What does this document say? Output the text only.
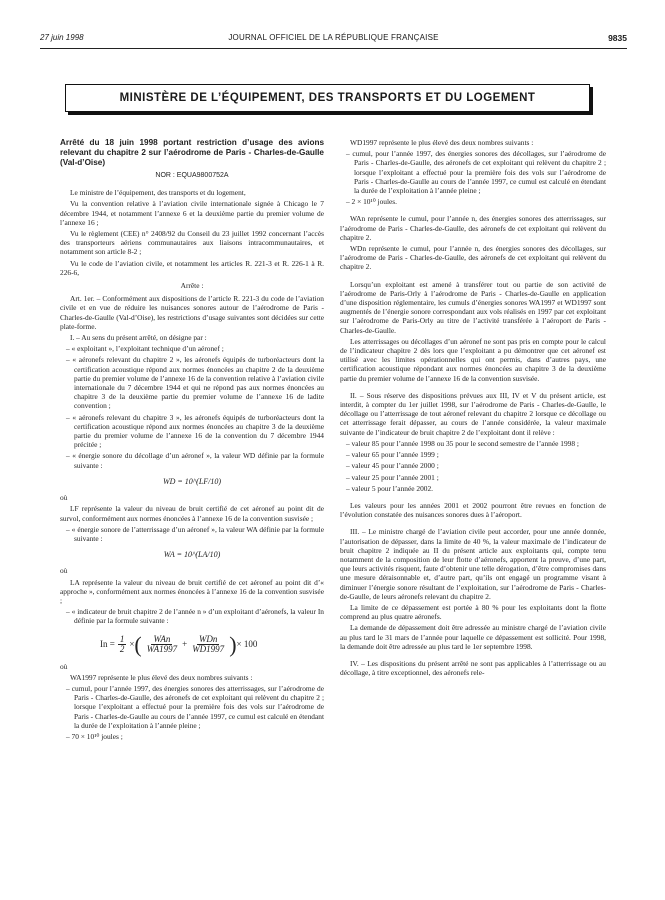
27 juin 1998	JOURNAL OFFICIEL DE LA RÉPUBLIQUE FRANÇAISE	9835
MINISTÈRE DE L’ÉQUIPEMENT, DES TRANSPORTS ET DU LOGEMENT

Arrêté du 18 juin 1998 portant restriction d’usage des avions relevant du chapitre 2 sur l’aérodrome de Paris - Charles-de-Gaulle (Val-d’Oise)

NOR : EQUA9800752A

Le ministre de l’équipement, des transports et du logement,

Vu la convention relative à l’aviation civile internationale signée à Chicago le 7 décembre 1944, et notamment l’annexe 6 et la deuxième partie du premier volume de l’annexe 16 ;

Vu le règlement (CEE) n° 2408/92 du Conseil du 23 juillet 1992 concernant l’accès des transporteurs aériens communautaires aux liaisons intracommunautaires, et notamment son article 8-2 ;

Vu le code de l’aviation civile, et notamment les articles R. 221-3 et R. 226-1 à R. 226-6,

Arrête :

Art. 1er. – Conformément aux dispositions de l’article R. 221-3 du code de l’aviation civile et en vue de réduire les nuisances sonores autour de l’aérodrome de Paris - Charles-de-Gaulle (Val-d’Oise), les restrictions d’usage suivantes sont décidées sur cette plate-forme.

I. – Au sens du présent arrêté, on désigne par :

– « exploitant », l’exploitant technique d’un aéronef ;

– « aéronefs relevant du chapitre 2 », les aéronefs équipés de turboréacteurs dont la certification acoustique répond aux normes énoncées au chapitre 2 de la deuxième partie du premier volume de l’annexe 16 de la convention relative à l’aviation civile internationale du 7 décembre 1944 et qui ne répond pas aux normes énoncées au chapitre 3 de la deuxième partie du premier volume de l’annexe 16 de ladite convention ;

– « aéronefs relevant du chapitre 3 », les aéronefs équipés de turboréacteurs dont la certification acoustique répond aux normes énoncées au chapitre 3 de la deuxième partie du premier volume de l’annexe 16 de la convention du 7 décembre 1944 précitée ;

– « énergie sonore du décollage d’un aéronef », la valeur WD définie par la formule suivante :

WD = 10^(LF/10)

où

LF représente la valeur du niveau de bruit certifié de cet aéronef au point dit de survol, conformément aux normes énoncées à l’annexe 16 de la convention susvisée ;

– « énergie sonore de l’atterrissage d’un aéronef », la valeur WA définie par la formule suivante :

WA = 10^(LA/10)

où

LA représente la valeur du niveau de bruit certifié de cet aéronef au point dit d’« approche », conformément aux normes énoncées à l’annexe 16 de la convention susvisée ;

– « indicateur de bruit chapitre 2 de l’année n » d’un exploitant d’aéronefs, la valeur In définie par la formule suivante :

$In = \frac{1}{2}$ × ( $\frac{\text{WAn}}{WA1997} + \frac{\text{WDn}}{WD1997}$ ) × 100

où

WA1997 représente le plus élevé des deux nombres suivants :

– cumul, pour l’année 1997, des énergies sonores des atterrissages, sur l’aérodrome de Paris - Charles-de-Gaulle, des aéronefs de cet exploitant qui relèvent du chapitre 2 ; lorsque l’exploitant a effectué pour la première fois des vols sur l’aérodrome de Paris - Charles-de-Gaulle au cours de l’année 1997, ce cumul est calculé en étendant la durée de l’exploitation à l’année pleine ;

– 70 × 10¹⁰ joules ;

WD1997 représente le plus élevé des deux nombres suivants :

– cumul, pour l’année 1997, des énergies sonores des décollages, sur l’aérodrome de Paris - Charles-de-Gaulle, des aéronefs de cet exploitant qui relèvent du chapitre 2 ; lorsque l’exploitant a effectué pour la première fois des vols sur l’aérodrome de Paris - Charles-de-Gaulle au cours de l’année 1997, ce cumul est calculé en étendant la durée de l’exploitation à l’année pleine ;

– 2 × 10¹⁰ joules.

WAn représente le cumul, pour l’année n, des énergies sonores des atterrissages, sur l’aérodrome de Paris - Charles-de-Gaulle, des aéronefs de cet exploitant qui relèvent du chapitre 2.

WDn représente le cumul, pour l’année n, des énergies sonores des décollages, sur l’aérodrome de Paris - Charles-de-Gaulle, des aéronefs de cet exploitant qui relèvent du chapitre 2.

Lorsqu’un exploitant est amené à transférer tout ou partie de son activité de l’aérodrome de Paris-Orly à l’aérodrome de Paris - Charles-de-Gaulle en application d’une disposition réglementaire, les cumuls d’énergies sonores WA1997 et WD1997 sont augmentés de l’énergie sonore correspondant aux vols réalisés en 1997 par cet exploitant sur l’aérodrome de Paris-Orly au titre de l’activité transférée à l’aéroport de Paris - Charles-de-Gaulle.

Les atterrissages ou décollages d’un aéronef ne sont pas pris en compte pour le calcul de l’indicateur chapitre 2 dès lors que l’exploitant a pu démontrer que cet aéronef est utilisé avec les limites opérationnelles qui ont permis, dans d’autres pays, une certification acoustique répondant aux normes énoncées au chapitre 3 de la deuxième partie du premier volume de l’annexe 16 de la convention susvisée.

II. – Sous réserve des dispositions prévues aux III, IV et V du présent article, est interdit, à compter du 1er juillet 1998, sur l’aérodrome de Paris - Charles-de-Gaulle, le décollage ou l’atterrissage de tout aéronef relevant du chapitre 2 lorsque ce décollage ou cet atterrissage ferait dépasser, au cours de l’année considérée, la valeur maximale suivante de l’indicateur de bruit chapitre 2 de l’exploitant dont il relève :

– valeur 85 pour l’année 1998 ou 35 pour le second semestre de l’année 1998 ;

– valeur 65 pour l’année 1999 ;

– valeur 45 pour l’année 2000 ;

– valeur 25 pour l’année 2001 ;

– valeur 5 pour l’année 2002.

Les valeurs pour les années 2001 et 2002 pourront être revues en fonction de l’évolution constatée des nuisances sonores dues à l’aéroport.

III. – Le ministre chargé de l’aviation civile peut accorder, pour une année donnée, l’autorisation de dépasser, dans la limite de 40 %, la valeur maximale de l’indicateur de bruit chapitre 2 indiquée au II du présent article aux exploitants qui, compte tenu notamment de la composition de leur flotte d’aéronefs, apportent la preuve, d’une part, que leurs activités risquent, faute d’obtenir une telle dérogation, d’être compromises dans une mesure déraisonnable et, d’autre part, qu’ils ont engagé un programme visant à diminuer l’énergie sonore résultant de l’exploitation, sur l’aérodrome de Paris - Charles-de-Gaulle, de leurs aéronefs relevant du chapitre 2.

La limite de ce dépassement est portée à 80 % pour les exploitants dont la flotte comprend au plus quatre aéronefs.

La demande de dépassement doit être adressée au ministre chargé de l’aviation civile au plus tard le 31 mars de l’année pour laquelle ce dépassement est sollicité. Pour 1998, la demande doit être adressée au plus tard le 1er septembre 1998.

IV. – Les dispositions du présent arrêté ne sont pas applicables à l’atterrissage ou au décollage, à titre exceptionnel, des aéronefs rele-
